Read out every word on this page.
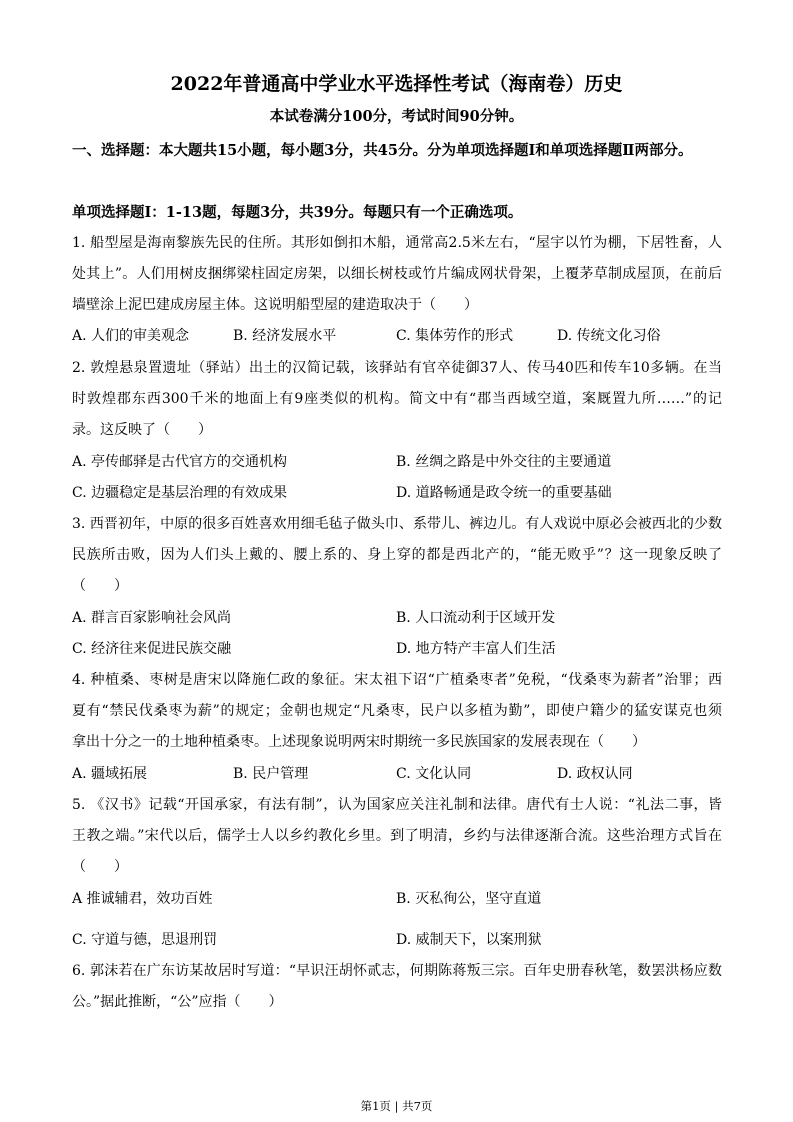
2022年普通高中学业水平选择性考试（海南卷）历史
本试卷满分100分，考试时间90分钟。
一、选择题：本大题共15小题，每小题3分，共45分。分为单项选择题Ⅰ和单项选择题Ⅱ两部分。
单项选择题Ⅰ：1-13题，每题3分，共39分。每题只有一个正确选项。
1. 船型屋是海南黎族先民的住所。其形如倒扣木船，通常高2.5米左右，“屋宇以竹为棚，下居牲畜，人
处其上”。人们用树皮捆绑梁柱固定房架，以细长树枝或竹片编成网状骨架，上覆茅草制成屋顶，在前后
墙壁涂上泥巴建成房屋主体。这说明船型屋的建造取决于（　　）
A. 人们的审美观念	B. 经济发展水平	C. 集体劳作的形式	D. 传统文化习俗
2. 敦煌悬泉置遗址（驿站）出土的汉简记载，该驿站有官卒徒御37人、传马40匹和传车10多辆。在当
时敦煌郡东西300千米的地面上有9座类似的机构。简文中有“郡当西域空道，案厩置九所……”的记
录。这反映了（　　）
A. 亭传邮驿是古代官方的交通机构	B. 丝绸之路是中外交往的主要通道
C. 边疆稳定是基层治理的有效成果	D. 道路畅通是政令统一的重要基础
3. 西晋初年，中原的很多百姓喜欢用细毛毡子做头巾、系带儿、裤边儿。有人戏说中原必会被西北的少数
民族所击败，因为人们头上戴的、腰上系的、身上穿的都是西北产的，“能无败乎”？这一现象反映了
（　　）
A. 群言百家影响社会风尚	B. 人口流动利于区域开发
C. 经济往来促进民族交融	D. 地方特产丰富人们生活
4. 种植桑、枣树是唐宋以降施仁政的象征。宋太祖下诏“广植桑枣者”免税，“伐桑枣为薪者”治罪；西
夏有“禁民伐桑枣为薪”的规定；金朝也规定“凡桑枣，民户以多植为勤”，即使户籍少的猛安谋克也须
拿出十分之一的土地种植桑枣。上述现象说明两宋时期统一多民族国家的发展表现在（　　）
A. 疆域拓展	B. 民户管理	C. 文化认同	D. 政权认同
5. 《汉书》记载“开国承家，有法有制”，认为国家应关注礼制和法律。唐代有士人说：“礼法二事，皆
王教之端。”宋代以后，儒学士人以乡约教化乡里。到了明清，乡约与法律逐渐合流。这些治理方式旨在
（　　）
A 推诚辅君，效功百姓	B. 灭私徇公，坚守直道
C. 守道与德，思退刑罚	D. 威制天下，以案刑狱
6. 郭沫若在广东访某故居时写道：“早识汪胡怀贰志，何期陈蒋叛三宗。百年史册春秋笔，数罢洪杨应数
公。”据此推断，“公”应指（　　）
第1页 | 共7页
